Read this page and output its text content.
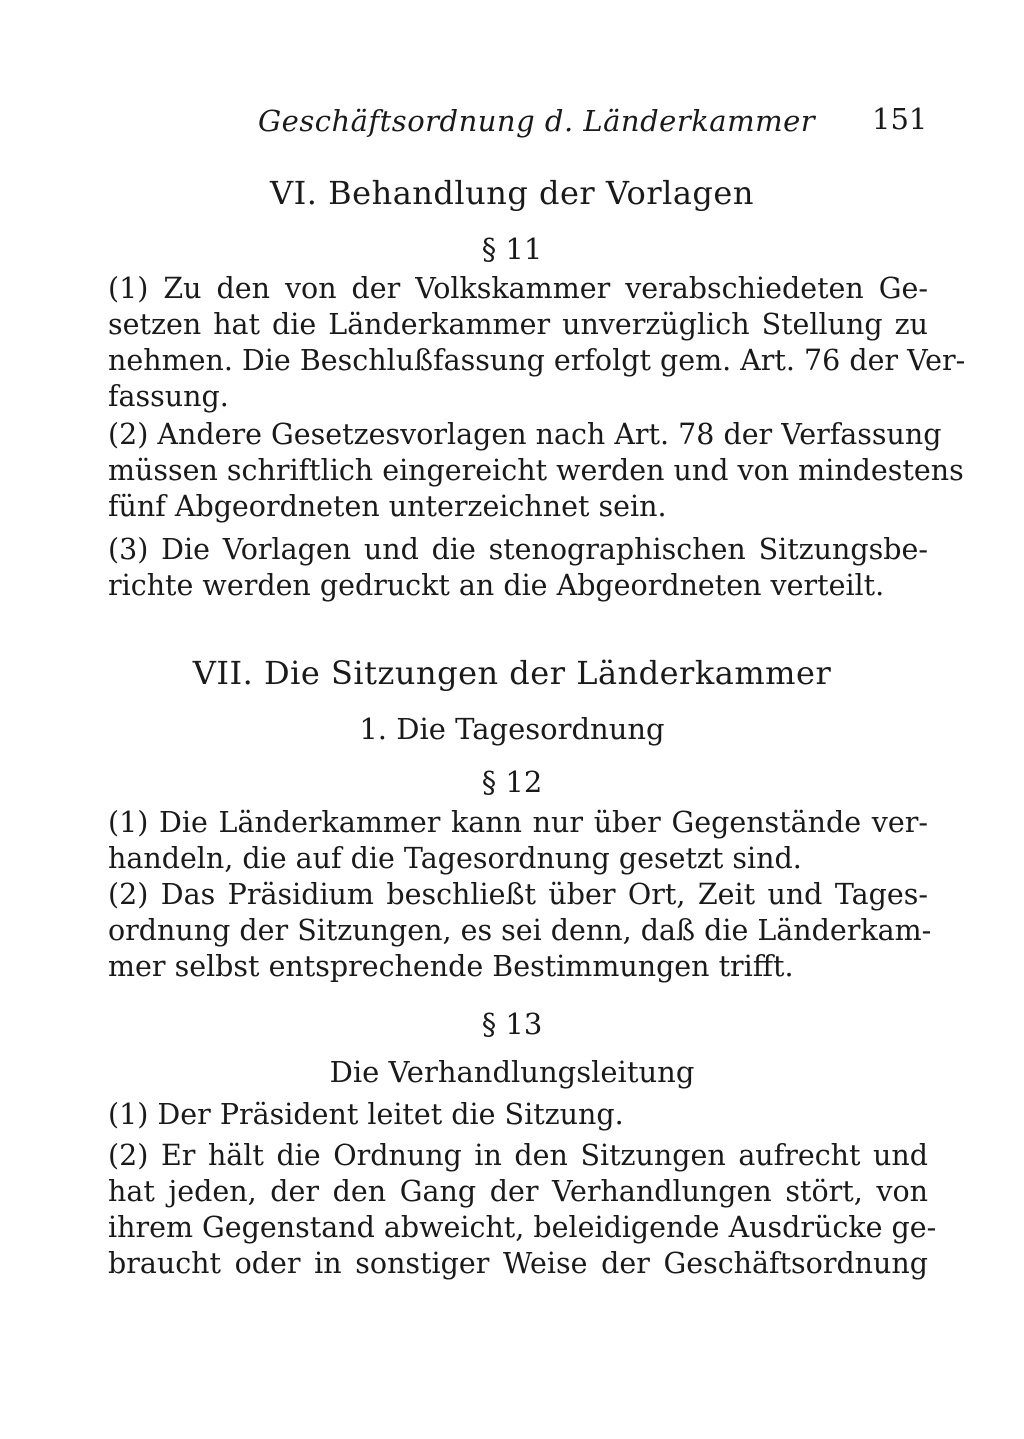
Geschäftsordnung d. Länderkammer 151
VI. Behandlung der Vorlagen
§ 11
(1) Zu den von der Volkskammer verabschiedeten Ge-
setzen hat die Länderkammer unverzüglich Stellung zu
nehmen. Die Beschlußfassung erfolgt gem. Art. 76 der Ver-
fassung.
(2) Andere Gesetzesvorlagen nach Art. 78 der Verfassung
müssen schriftlich eingereicht werden und von mindestens
fünf Abgeordneten unterzeichnet sein.
(3) Die Vorlagen und die stenographischen Sitzungsbe-
richte werden gedruckt an die Abgeordneten verteilt.
VII. Die Sitzungen der Länderkammer
1. Die Tagesordnung
§ 12
(1) Die Länderkammer kann nur über Gegenstände ver-
handeln, die auf die Tagesordnung gesetzt sind.
(2) Das Präsidium beschließt über Ort, Zeit und Tages-
ordnung der Sitzungen, es sei denn, daß die Länderkam-
mer selbst entsprechende Bestimmungen trifft.
§ 13
Die Verhandlungsleitung
(1) Der Präsident leitet die Sitzung.
(2) Er hält die Ordnung in den Sitzungen aufrecht und
hat jeden, der den Gang der Verhandlungen stört, von
ihrem Gegenstand abweicht, beleidigende Ausdrücke ge-
braucht oder in sonstiger Weise der Geschäftsordnung
